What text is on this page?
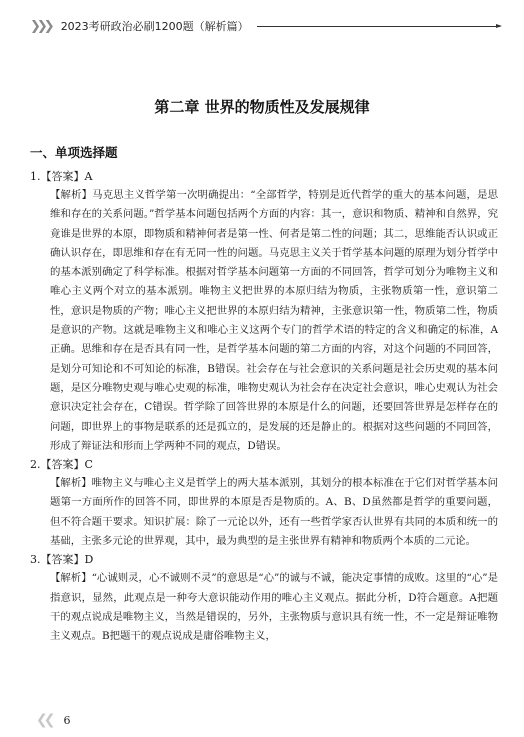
❯❯❯ 2023考研政治必刷1200题（解析篇）
第二章 世界的物质性及发展规律
一、单项选择题
1.【答案】A
【解析】马克思主义哲学第一次明确提出：“全部哲学，特别是近代哲学的重大的基本问题，是思维和存在的关系问题。”哲学基本问题包括两个方面的内容：其一，意识和物质、精神和自然界，究竟谁是世界的本原，即物质和精神何者是第一性、何者是第二性的问题；其二，思维能否认识或正确认识存在，即思维和存在有无同一性的问题。马克思主义关于哲学基本问题的原理为划分哲学中的基本派别确定了科学标准。根据对哲学基本问题第一方面的不同回答，哲学可划分为唯物主义和唯心主义两个对立的基本派别。唯物主义把世界的本原归结为物质，主张物质第一性，意识第二性，意识是物质的产物；唯心主义把世界的本原归结为精神，主张意识第一性，物质第二性，物质是意识的产物。这就是唯物主义和唯心主义这两个专门的哲学术语的特定的含义和确定的标准，A正确。思维和存在是否具有同一性，是哲学基本问题的第二方面的内容，对这个问题的不同回答，是划分可知论和不可知论的标准，B错误。社会存在与社会意识的关系问题是社会历史观的基本问题，是区分唯物史观与唯心史观的标准，唯物史观认为社会存在决定社会意识，唯心史观认为社会意识决定社会存在，C错误。哲学除了回答世界的本原是什么的问题，还要回答世界是怎样存在的问题，即世界上的事物是联系的还是孤立的，是发展的还是静止的。根据对这些问题的不同回答，形成了辩证法和形而上学两种不同的观点，D错误。
2.【答案】C
【解析】唯物主义与唯心主义是哲学上的两大基本派别，其划分的根本标准在于它们对哲学基本问题第一方面所作的回答不同，即世界的本原是否是物质的。A、B、D虽然都是哲学的重要问题，但不符合题干要求。知识扩展：除了一元论以外，还有一些哲学家否认世界有共同的本质和统一的基础，主张多元论的世界观，其中，最为典型的是主张世界有精神和物质两个本质的二元论。
3.【答案】D
【解析】“心诚则灵，心不诚则不灵”的意思是“心”的诚与不诚，能决定事情的成败。这里的“心”是指意识，显然，此观点是一种夸大意识能动作用的唯心主义观点。据此分析，D符合题意。A把题干的观点说成是唯物主义，当然是错误的，另外，主张物质与意识具有统一性，不一定是辩证唯物主义观点。B把题干的观点说成是庸俗唯物主义，
❮❮ 6
